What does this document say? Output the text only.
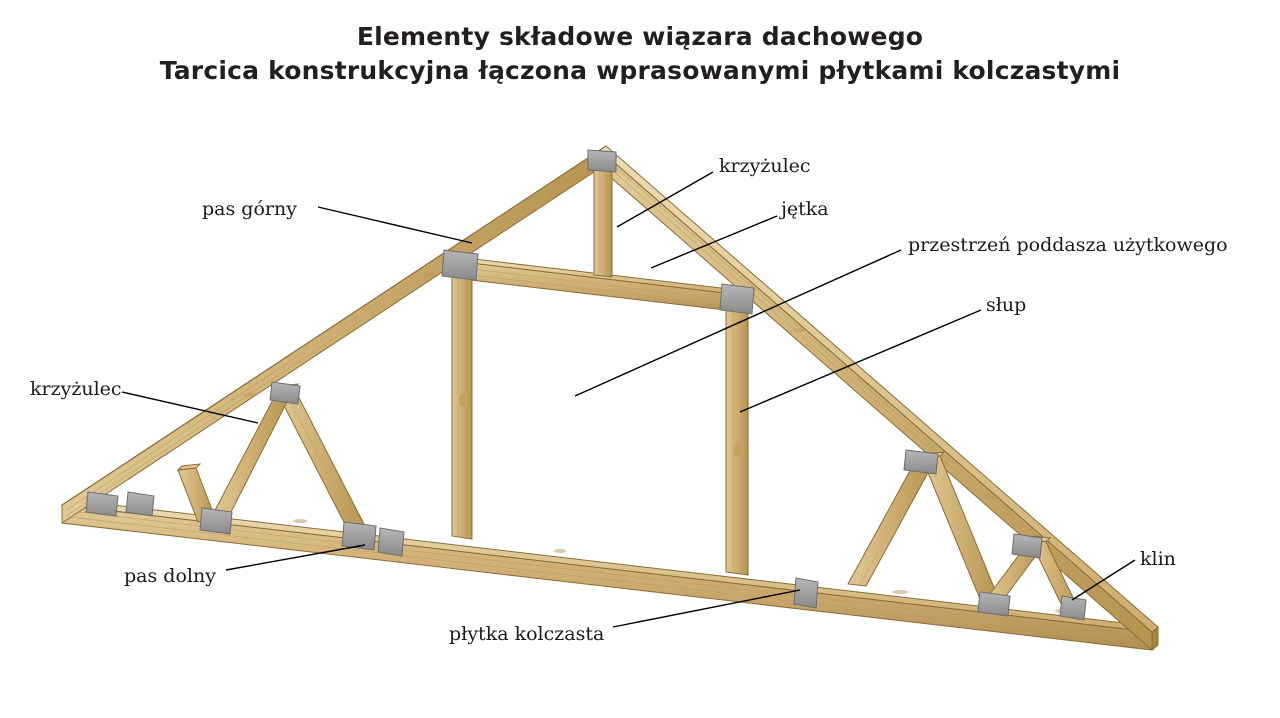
Elementy składowe wiązara dachowego
Tarcica konstrukcyjna łączona wprasowanymi płytkami kolczastymi
pas górny
krzyżulec
jętka
przestrzeń poddasza użytkowego
słup
krzyżulec
klin
pas dolny
płytka kolczasta
